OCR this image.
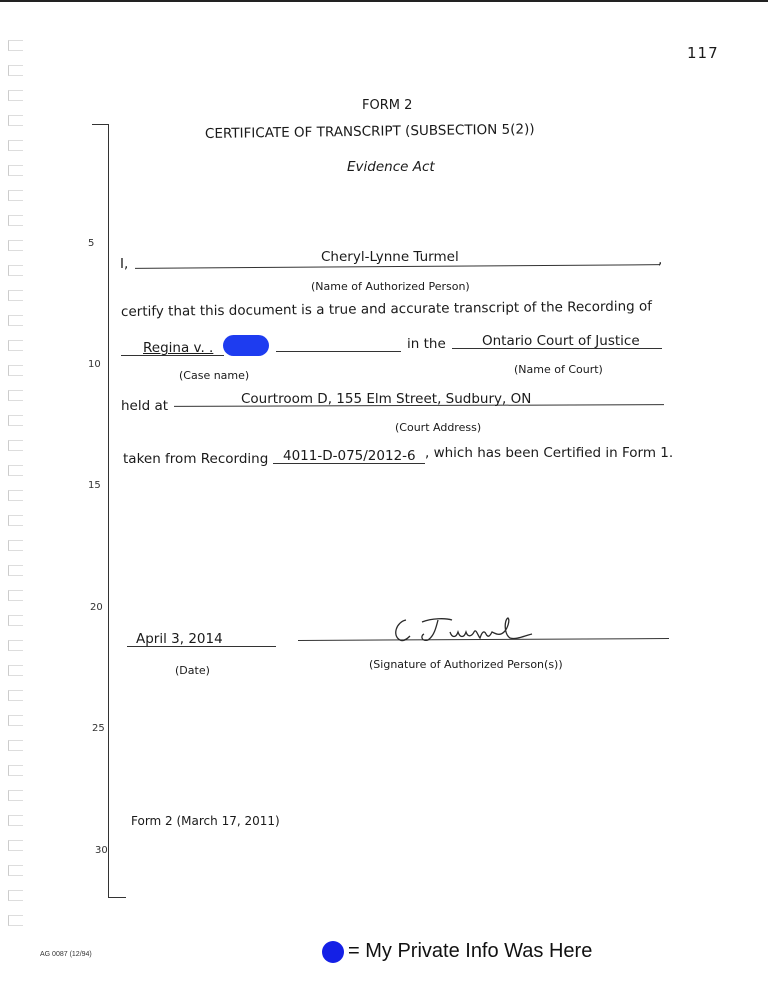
117
FORM 2
CERTIFICATE OF TRANSCRIPT (SUBSECTION 5(2))
Evidence Act
5
10
15
20
25
30
I,	Cheryl-Lynne Turmel	,
(Name of Authorized Person)
certify that this document is a true and accurate transcript of the Recording of
Regina v. .	in the	Ontario Court of Justice
(Case name)	(Name of Court)
held at	Courtroom D, 155 Elm Street, Sudbury, ON
(Court Address)
taken from Recording 4011-D-075/2012-6 , which has been Certified in Form 1.
April 3, 2014
(Date)	(Signature of Authorized Person(s))
Form 2 (March 17, 2011)
AG 0087 (12/94)	= My Private Info Was Here
